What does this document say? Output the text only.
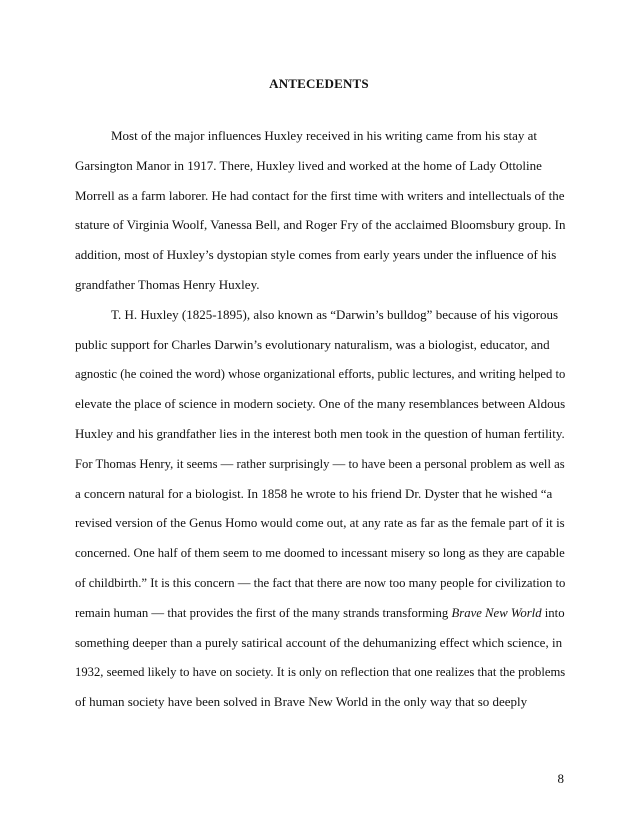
ANTECEDENTS
Most of the major influences Huxley received in his writing came from his stay at
Garsington Manor in 1917. There, Huxley lived and worked at the home of Lady Ottoline
Morrell as a farm laborer. He had contact for the first time with writers and intellectuals of the
stature of Virginia Woolf, Vanessa Bell, and Roger Fry of the acclaimed Bloomsbury group. In
addition, most of Huxley’s dystopian style comes from early years under the influence of his
grandfather Thomas Henry Huxley.
T. H. Huxley (1825-1895), also known as “Darwin’s bulldog” because of his vigorous
public support for Charles Darwin’s evolutionary naturalism, was a biologist, educator, and
agnostic (he coined the word) whose organizational efforts, public lectures, and writing helped to
elevate the place of science in modern society. One of the many resemblances between Aldous
Huxley and his grandfather lies in the interest both men took in the question of human fertility.
For Thomas Henry, it seems — rather surprisingly — to have been a personal problem as well as
a concern natural for a biologist. In 1858 he wrote to his friend Dr. Dyster that he wished “a
revised version of the Genus Homo would come out, at any rate as far as the female part of it is
concerned. One half of them seem to me doomed to incessant misery so long as they are capable
of childbirth.” It is this concern — the fact that there are now too many people for civilization to
remain human — that provides the first of the many strands transforming Brave New World into
something deeper than a purely satirical account of the dehumanizing effect which science, in
1932, seemed likely to have on society. It is only on reflection that one realizes that the problems
of human society have been solved in Brave New World in the only way that so deeply
8
